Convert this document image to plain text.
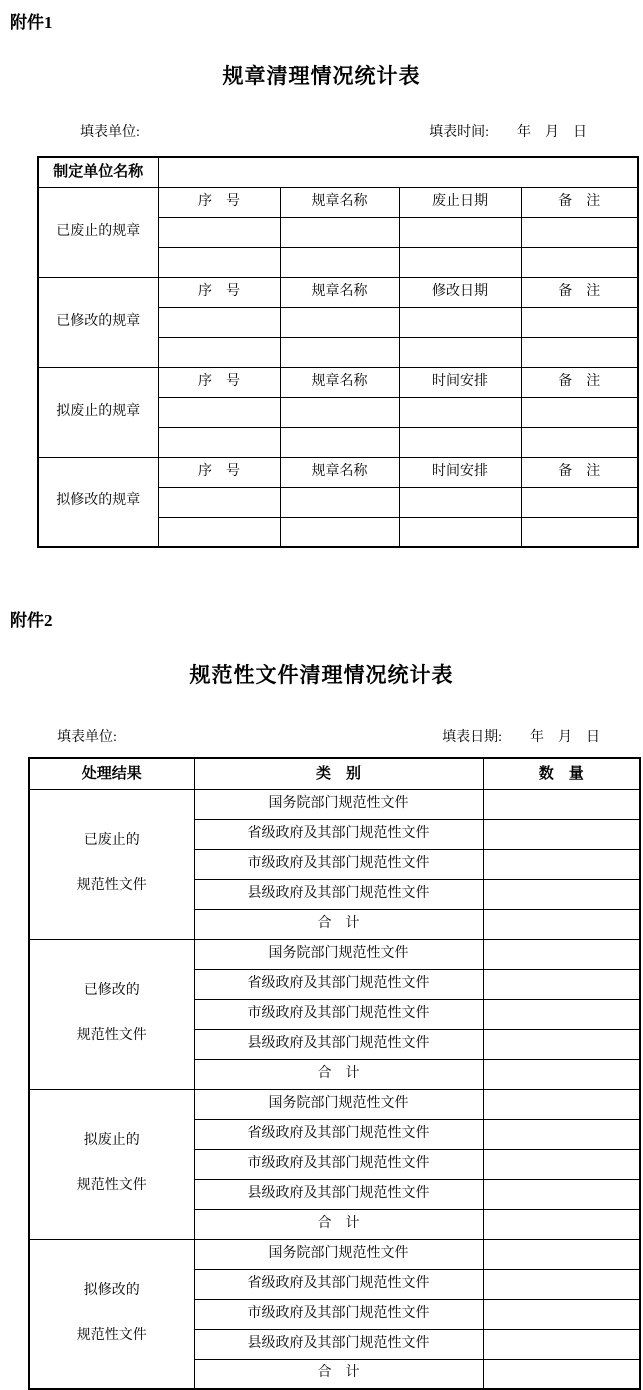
附件1
规章清理情况统计表
填表单位:	填表时间: 年　月　日
制定单位名称				
已废止的规章	序　号	规章名称	废止日期	备　注

已修改的规章	序　号	规章名称	修改日期	备　注

拟废止的规章	序　号	规章名称	时间安排	备　注

拟修改的规章	序　号	规章名称	时间安排	备　注

附件2
规范性文件清理情况统计表
填表单位:	填表日期: 年　月　日
处理结果	类　别	数　量

已废止的
规范性文件	国务院部门规范性文件	
	省级政府及其部门规范性文件	
	市级政府及其部门规范性文件	
	县级政府及其部门规范性文件	
	合　计	

已修改的
规范性文件	国务院部门规范性文件	
	省级政府及其部门规范性文件	
	市级政府及其部门规范性文件	
	县级政府及其部门规范性文件	
	合　计	

拟废止的
规范性文件	国务院部门规范性文件	
	省级政府及其部门规范性文件	
	市级政府及其部门规范性文件	
	县级政府及其部门规范性文件	
	合　计	

拟修改的
规范性文件	国务院部门规范性文件	
	省级政府及其部门规范性文件	
	市级政府及其部门规范性文件	
	县级政府及其部门规范性文件	
	合　计	
